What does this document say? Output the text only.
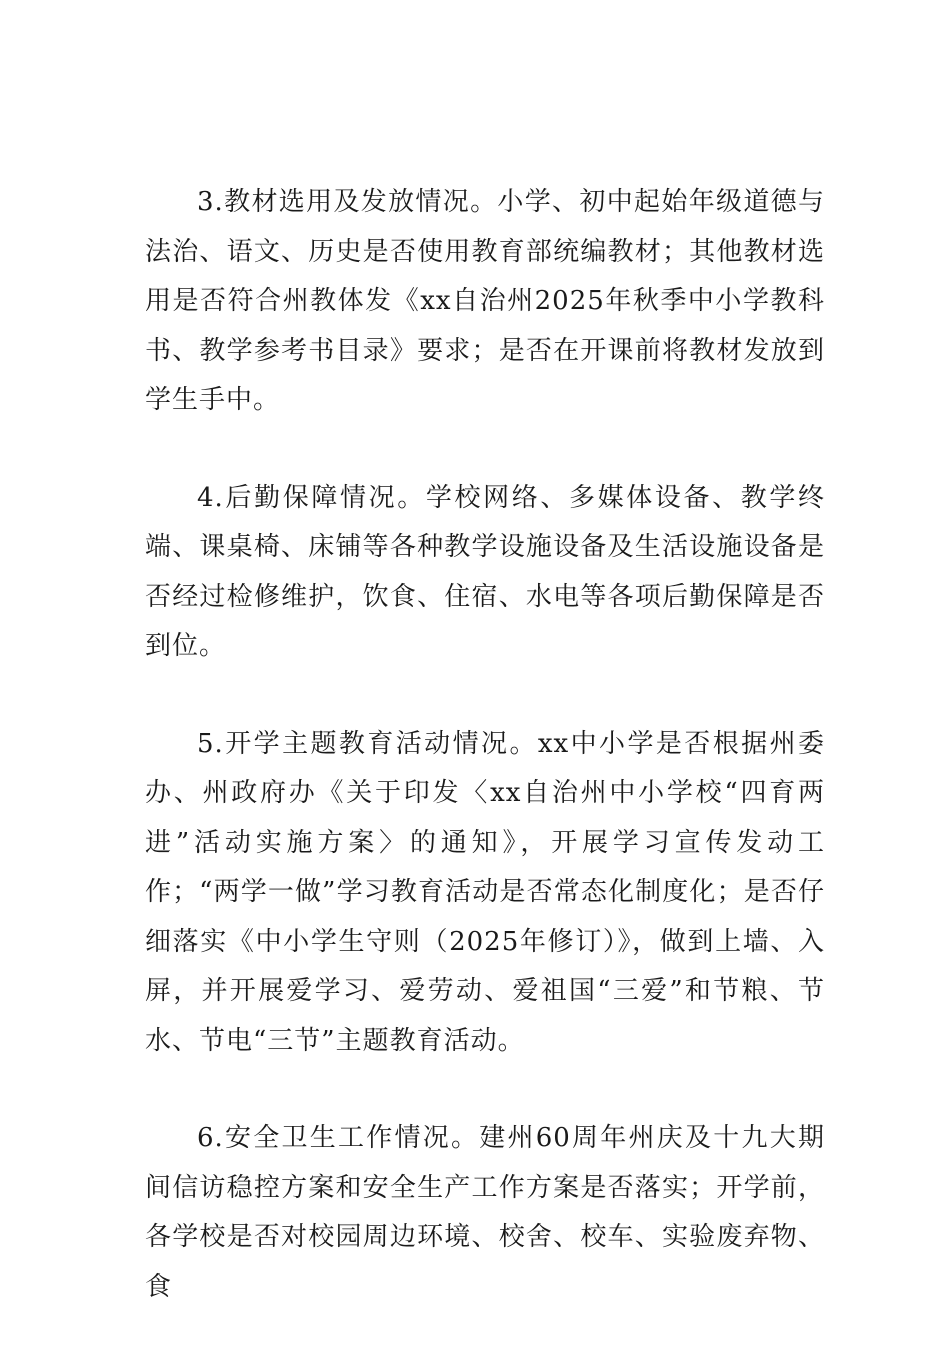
3.教材选用及发放情况。小学、初中起始年级道德与法治、语文、历史是否使用教育部统编教材；其他教材选用是否符合州教体发《xx自治州2025年秋季中小学教科书、教学参考书目录》要求；是否在开课前将教材发放到学生手中。

4.后勤保障情况。学校网络、多媒体设备、教学终端、课桌椅、床铺等各种教学设施设备及生活设施设备是否经过检修维护，饮食、住宿、水电等各项后勤保障是否到位。

5.开学主题教育活动情况。xx中小学是否根据州委办、州政府办《关于印发〈xx自治州中小学校“四育两进”活动实施方案〉的通知》，开展学习宣传发动工作；“两学一做”学习教育活动是否常态化制度化；是否仔细落实《中小学生守则（2025年修订）》，做到上墙、入屏，并开展爱学习、爱劳动、爱祖国“三爱”和节粮、节水、节电“三节”主题教育活动。

6.安全卫生工作情况。建州60周年州庆及十九大期间信访稳控方案和安全生产工作方案是否落实；开学前，各学校是否对校园周边环境、校舍、校车、实验废弃物、食
